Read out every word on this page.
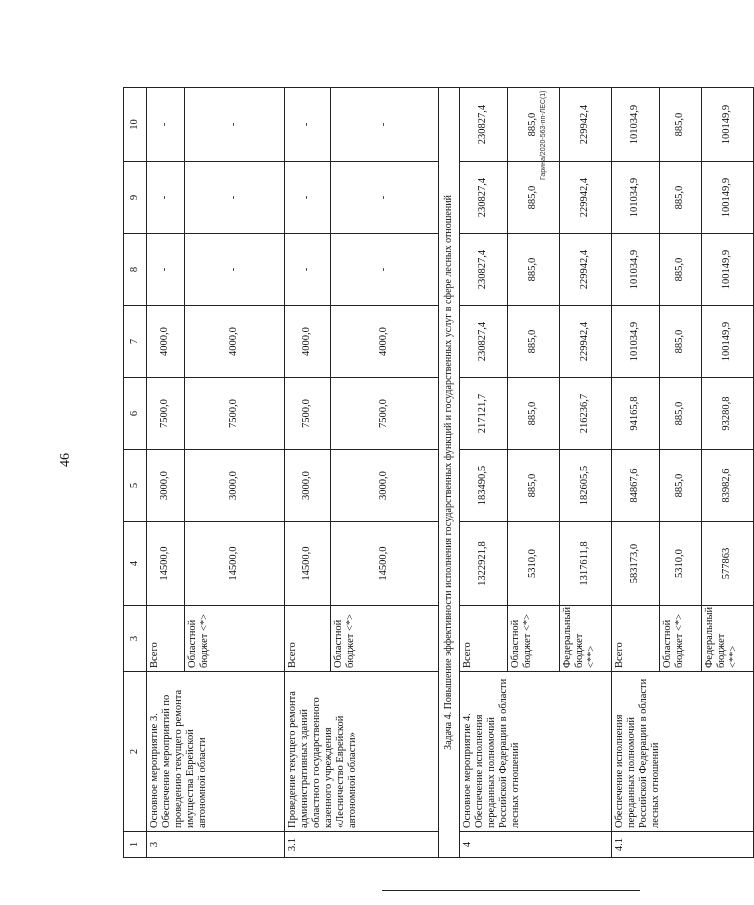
46
Гарина/2020-563-пп-ЛЕС(1)
1	2	3	4	5	6	7	8	9	10
3	Основное мероприятие 3. Обеспечение мероприятий по проведению текущего ремонта имущества Еврейской автономной области	Всего	14500,0	3000,0	7500,0	4000,0	-	-	-
		Областной бюджет <*>	14500,0	3000,0	7500,0	4000,0	-	-	-
3.1	Проведение текущего ремонта административных зданий областного государственного казенного учреждения «Лесничество Еврейской автономной области»	Всего	14500,0	3000,0	7500,0	4000,0	-	-	-
		Областной бюджет <*>	14500,0	3000,0	7500,0	4000,0	-	-	-
Задача 4. Повышение эффективности исполнения государственных функций и государственных услуг в сфере лесных отношений									
4	Основное мероприятие 4. Обеспечение исполнения переданных полномочий Российской Федерации в области лесных отношений	Всего	1322921,8	183490,5	217121,7	230827,4	230827,4	230827,4	230827,4
		Областной бюджет <*>	5310,0	885,0	885,0	885,0	885,0	885,0	885,0
		Федеральный бюджет <**>	1317611,8	182605,5	216236,7	229942,4	229942,4	229942,4	229942,4
4.1	Обеспечение исполнения переданных полномочий Российской Федерации в области лесных отношений	Всего	583173,0	84867,6	94165,8	101034,9	101034,9	101034,9	101034,9
		Областной бюджет <*>	5310,0	885,0	885,0	885,0	885,0	885,0	885,0
		Федеральный бюджет <**>	577863	83982,6	93280,8	100149,9	100149,9	100149,9	100149,9
